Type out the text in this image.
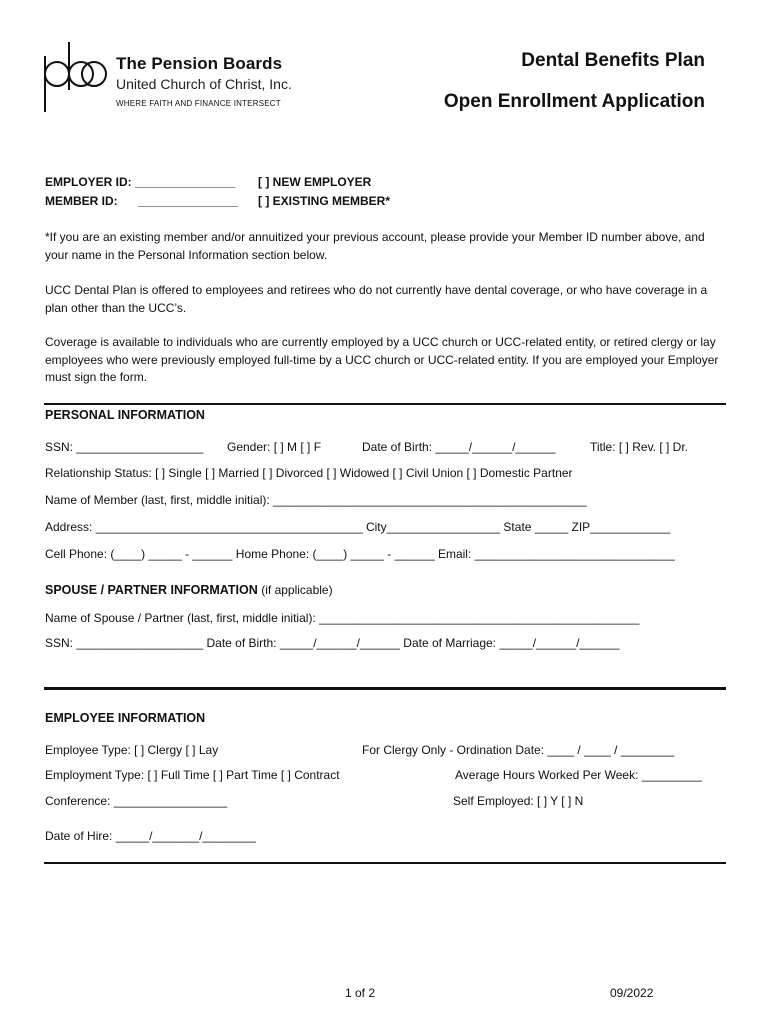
The Pension Boards
United Church of Christ, Inc.
WHERE FAITH AND FINANCE INTERSECT
Dental Benefits Plan
Open Enrollment Application
EMPLOYER ID: _______________ [ ] NEW EMPLOYER
MEMBER ID: _______________ [ ] EXISTING MEMBER*
*If you are an existing member and/or annuitized your previous account, please provide your Member ID number above, and your name in the Personal Information section below.
UCC Dental Plan is offered to employees and retirees who do not currently have dental coverage, or who have coverage in a plan other than the UCC’s.
Coverage is available to individuals who are currently employed by a UCC church or UCC-related entity, or retired clergy or lay employees who were previously employed full-time by a UCC church or UCC-related entity. If you are employed your Employer must sign the form.
PERSONAL INFORMATION
SSN: ___________________ Gender: [ ] M [ ] F	Date of Birth: _____/______/______	Title: [ ] Rev. [ ] Dr.
Relationship Status: [ ] Single [ ] Married [ ] Divorced [ ] Widowed [ ] Civil Union [ ] Domestic Partner
Name of Member (last, first, middle initial): _______________________________________________
Address: ________________________________________ City_________________ State _____ ZIP____________
Cell Phone: (____) _____ - ______ Home Phone: (____) _____ - ______ Email: ______________________________
SPOUSE / PARTNER INFORMATION (if applicable)
Name of Spouse / Partner (last, first, middle initial): ________________________________________________
SSN: ___________________ Date of Birth: _____/______/______ Date of Marriage: _____/______/______
EMPLOYEE INFORMATION
Employee Type: [ ] Clergy [ ] Lay	For Clergy Only - Ordination Date: ____ / ____ / ________
Employment Type: [ ] Full Time [ ] Part Time [ ] Contract	Average Hours Worked Per Week: _________
Conference: _________________	Self Employed: [ ] Y [ ] N
Date of Hire: _____/_______/________
1 of 2	09/2022
